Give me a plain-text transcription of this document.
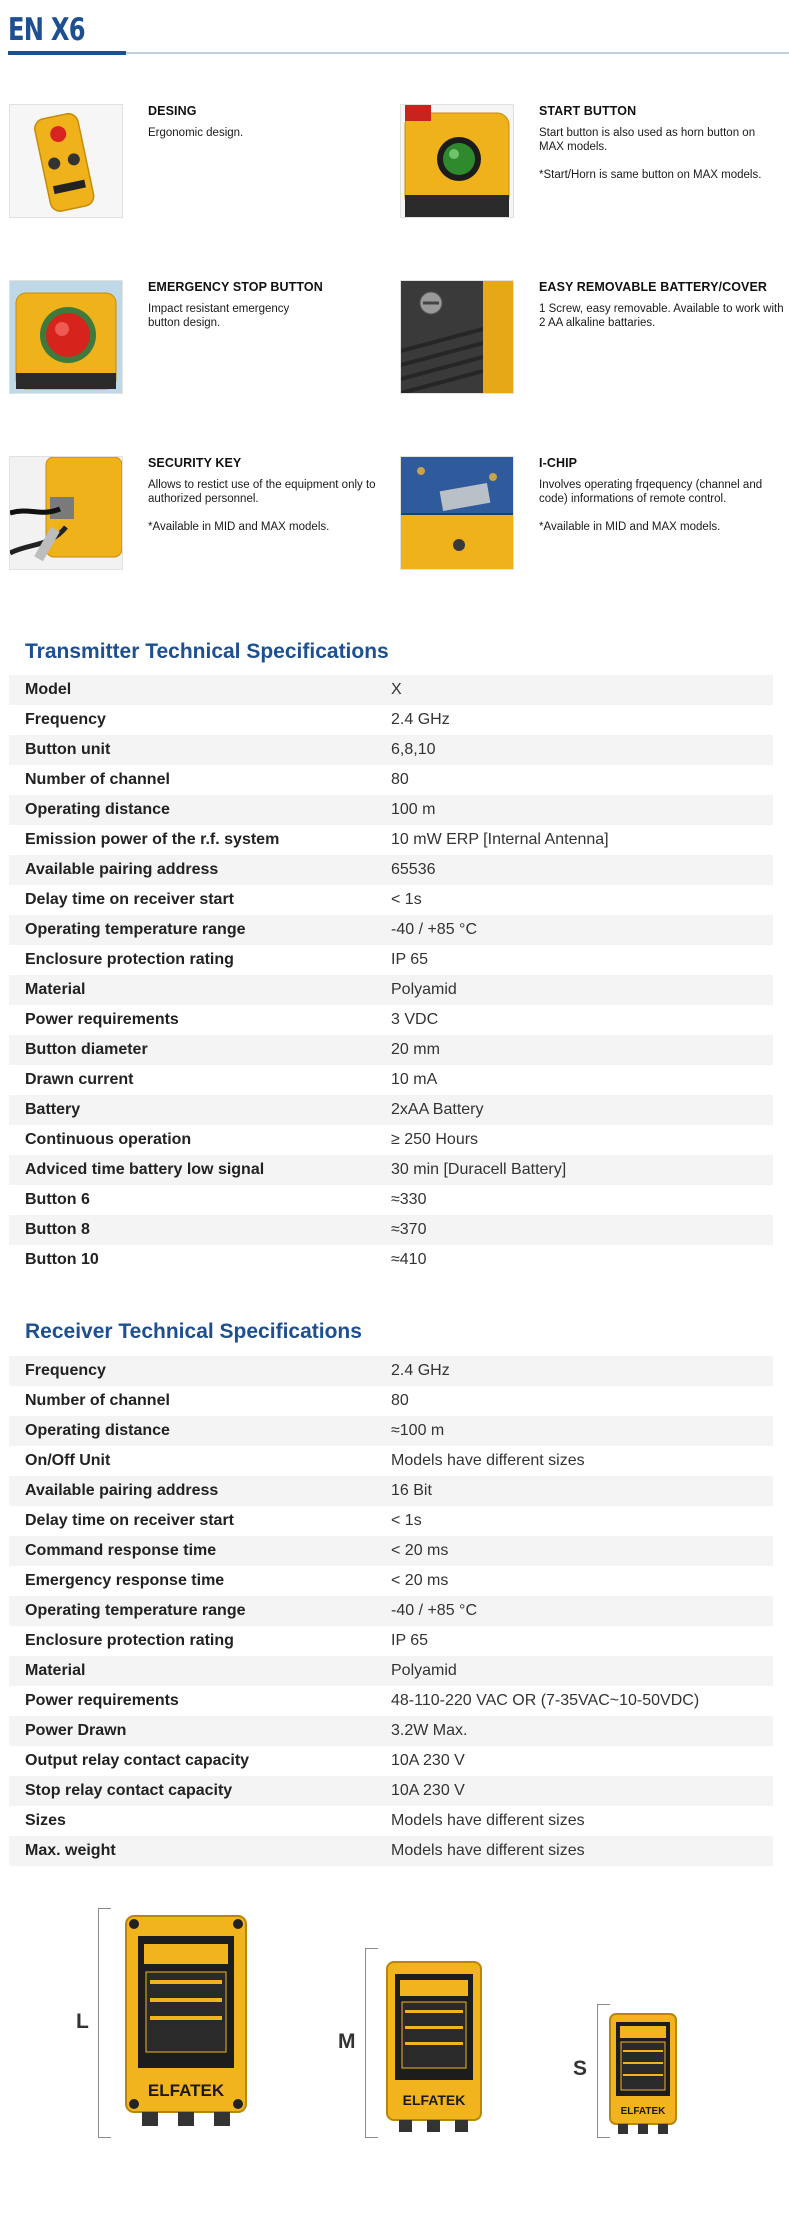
EN X6
DESING

Ergonomic design.

START BUTTON

Start button is also used as horn button on MAX models.

*Start/Horn is same button on MAX models.

EMERGENCY STOP BUTTON

Impact resistant emergency button design.

EASY REMOVABLE BATTERY/COVER

1 Screw, easy removable. Available to work with 2 AA alkaline battaries.

SECURITY KEY

Allows to restict use of the equipment only to authorized personnel.

*Available in MID and MAX models.

I-CHIP

Involves operating frqequency (channel and code) informations of remote control.

*Available in MID and MAX models.

Transmitter Technical Specifications
Model	X
Frequency	2.4 GHz
Button unit	6,8,10
Number of channel	80
Operating distance	100 m
Emission power of the r.f. system	10 mW ERP [Internal Antenna]
Available pairing address	65536
Delay time on receiver start	< 1s
Operating temperature range	-40 / +85 °C
Enclosure protection rating	IP 65
Material	Polyamid
Power requirements	3 VDC
Button diameter	20 mm
Drawn current	10 mA
Battery	2xAA Battery
Continuous operation	≥ 250 Hours
Adviced time battery low signal	30 min [Duracell Battery]
Button 6	≈330
Button 8	≈370
Button 10	≈410
Receiver Technical Specifications
Frequency	2.4 GHz
Number of channel	80
Operating distance	≈100 m
On/Off Unit	Models have different sizes
Available pairing address	16 Bit
Delay time on receiver start	< 1s
Command response time	< 20 ms
Emergency response time	< 20 ms
Operating temperature range	-40 / +85 °C
Enclosure protection rating	IP 65
Material	Polyamid
Power requirements	48-110-220 VAC OR (7-35VAC~10-50VDC)
Power Drawn	3.2W Max.
Output relay contact capacity	10A 230 V
Stop relay contact capacity	10A 230 V
Sizes	Models have different sizes
Max. weight	Models have different sizes
L
ELFATEK
M
ELFATEK
S
ELFATEK
